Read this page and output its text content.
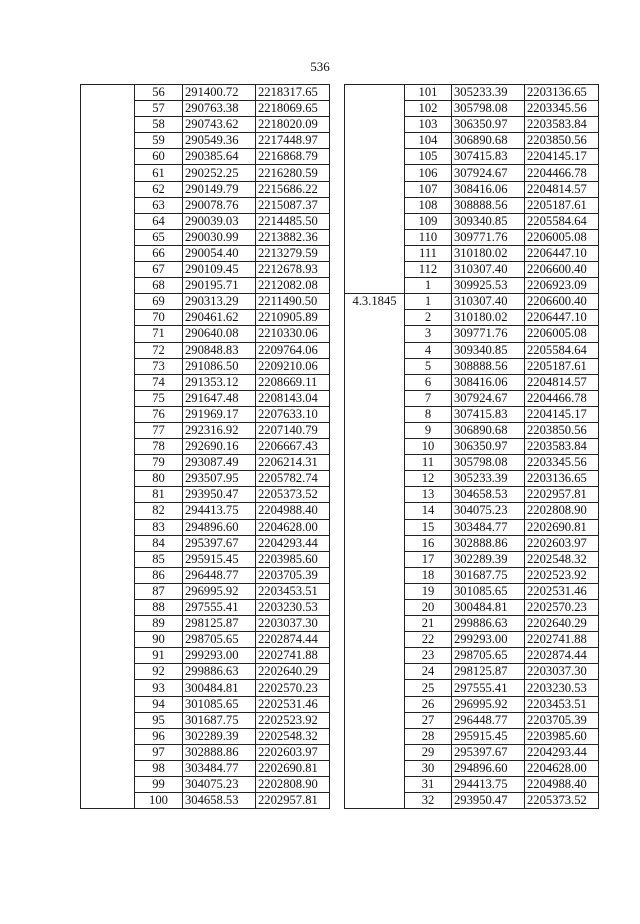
536
	56	291400.72	2218317.65
	57	290763.38	2218069.65
	58	290743.62	2218020.09
	59	290549.36	2217448.97
	60	290385.64	2216868.79
	61	290252.25	2216280.59
	62	290149.79	2215686.22
	63	290078.76	2215087.37
	64	290039.03	2214485.50
	65	290030.99	2213882.36
	66	290054.40	2213279.59
	67	290109.45	2212678.93
	68	290195.71	2212082.08
	69	290313.29	2211490.50
	70	290461.62	2210905.89
	71	290640.08	2210330.06
	72	290848.83	2209764.06
	73	291086.50	2209210.06
	74	291353.12	2208669.11
	75	291647.48	2208143.04
	76	291969.17	2207633.10
	77	292316.92	2207140.79
	78	292690.16	2206667.43
	79	293087.49	2206214.31
	80	293507.95	2205782.74
	81	293950.47	2205373.52
	82	294413.75	2204988.40
	83	294896.60	2204628.00
	84	295397.67	2204293.44
	85	295915.45	2203985.60
	86	296448.77	2203705.39
	87	296995.92	2203453.51
	88	297555.41	2203230.53
	89	298125.87	2203037.30
	90	298705.65	2202874.44
	91	299293.00	2202741.88
	92	299886.63	2202640.29
	93	300484.81	2202570.23
	94	301085.65	2202531.46
	95	301687.75	2202523.92
	96	302289.39	2202548.32
	97	302888.86	2202603.97
	98	303484.77	2202690.81
	99	304075.23	2202808.90
	100	304658.53	2202957.81
	101	305233.39	2203136.65
	102	305798.08	2203345.56
	103	306350.97	2203583.84
	104	306890.68	2203850.56
	105	307415.83	2204145.17
	106	307924.67	2204466.78
	107	308416.06	2204814.57
	108	308888.56	2205187.61
	109	309340.85	2205584.64
	110	309771.76	2206005.08
	111	310180.02	2206447.10
	112	310307.40	2206600.40
	1	309925.53	2206923.09
4.3.1845	1	310307.40	2206600.40
	2	310180.02	2206447.10
	3	309771.76	2206005.08
	4	309340.85	2205584.64
	5	308888.56	2205187.61
	6	308416.06	2204814.57
	7	307924.67	2204466.78
	8	307415.83	2204145.17
	9	306890.68	2203850.56
	10	306350.97	2203583.84
	11	305798.08	2203345.56
	12	305233.39	2203136.65
	13	304658.53	2202957.81
	14	304075.23	2202808.90
	15	303484.77	2202690.81
	16	302888.86	2202603.97
	17	302289.39	2202548.32
	18	301687.75	2202523.92
	19	301085.65	2202531.46
	20	300484.81	2202570.23
	21	299886.63	2202640.29
	22	299293.00	2202741.88
	23	298705.65	2202874.44
	24	298125.87	2203037.30
	25	297555.41	2203230.53
	26	296995.92	2203453.51
	27	296448.77	2203705.39
	28	295915.45	2203985.60
	29	295397.67	2204293.44
	30	294896.60	2204628.00
	31	294413.75	2204988.40
	32	293950.47	2205373.52
